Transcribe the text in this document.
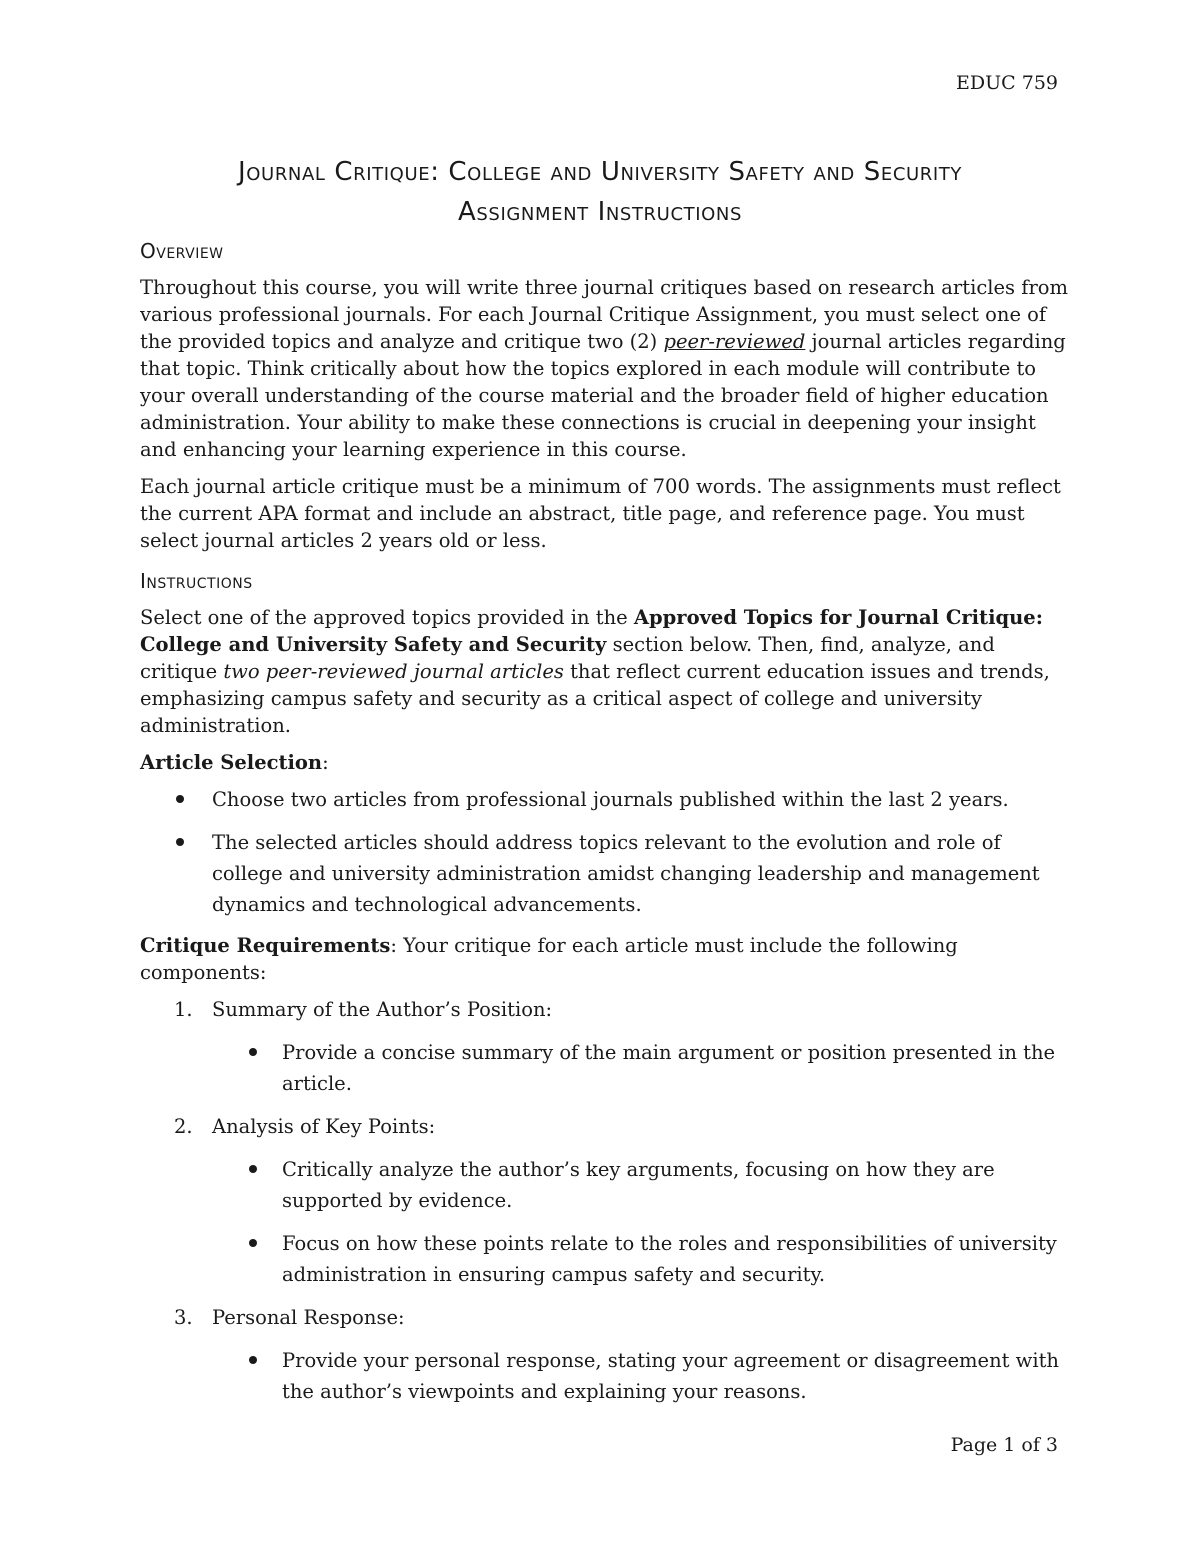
EDUC 759
Journal Critique: College and University Safety and Security
Assignment Instructions
Overview

Throughout this course, you will write three journal critiques based on research articles from various professional journals. For each Journal Critique Assignment, you must select one of the provided topics and analyze and critique two (2) peer-reviewed journal articles regarding that topic. Think critically about how the topics explored in each module will contribute to your overall understanding of the course material and the broader field of higher education administration. Your ability to make these connections is crucial in deepening your insight and enhancing your learning experience in this course.

Each journal article critique must be a minimum of 700 words. The assignments must reflect the current APA format and include an abstract, title page, and reference page. You must select journal articles 2 years old or less.

Instructions

Select one of the approved topics provided in the Approved Topics for Journal Critique: College and University Safety and Security section below. Then, find, analyze, and critique two peer-reviewed journal articles that reflect current education issues and trends, emphasizing campus safety and security as a critical aspect of college and university administration.

Article Selection:

Choose two articles from professional journals published within the last 2 years.
The selected articles should address topics relevant to the evolution and role of college and university administration amidst changing leadership and management dynamics and technological advancements.

Critique Requirements: Your critique for each article must include the following components:

1. Summary of the Author’s Position:
Provide a concise summary of the main argument or position presented in the article.
2. Analysis of Key Points:
Critically analyze the author’s key arguments, focusing on how they are supported by evidence.
Focus on how these points relate to the roles and responsibilities of university administration in ensuring campus safety and security.
3. Personal Response:
Provide your personal response, stating your agreement or disagreement with the author’s viewpoints and explaining your reasons.
Page 1 of 3
